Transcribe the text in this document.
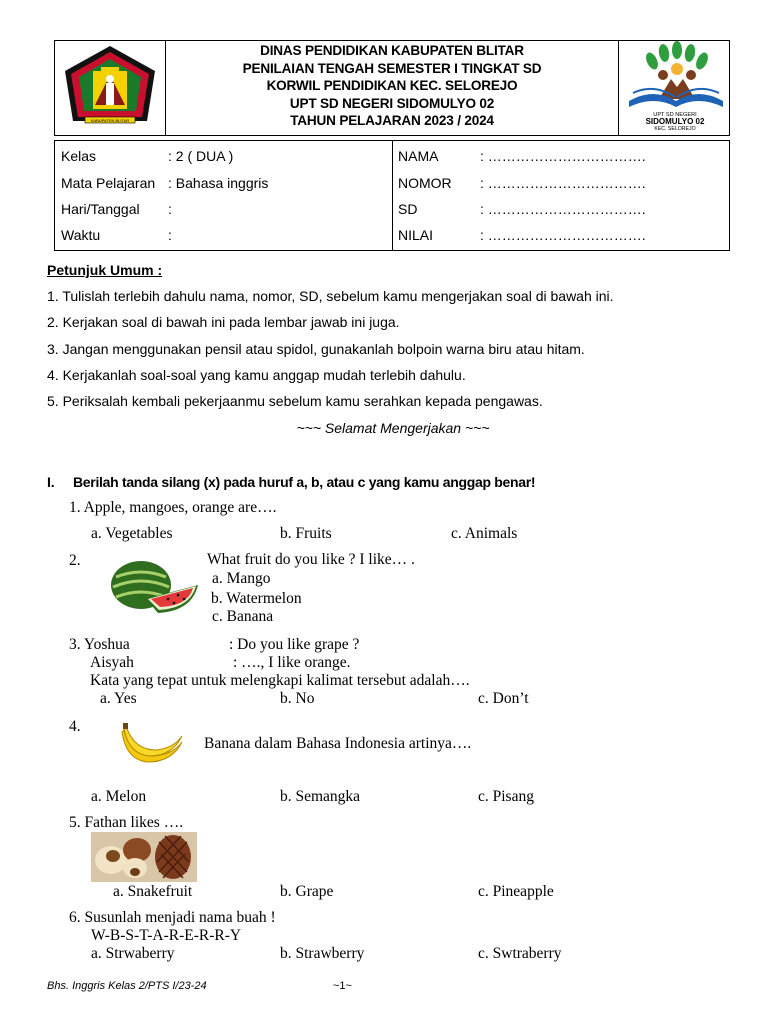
KABUPATEN BLITAR
DINAS PENDIDIKAN KABUPATEN BLITAR
PENILAIAN TENGAH SEMESTER I TINGKAT SD
KORWIL PENDIDIKAN KEC. SELOREJO
UPT SD NEGERI SIDOMULYO 02
TAHUN PELAJARAN 2023 / 2024	UPT SD NEGERI
SIDOMULYO 02
KEC. SELOREJO
Kelas	: 2 ( DUA )
Mata Pelajaran : Bahasa inggris
Hari/Tanggal :
Waktu	:
NAMA	: …………………………….
NOMOR : …………………………….
SD	: …………………………….
NILAI	: …………………………….
Petunjuk Umum :
1. Tulislah terlebih dahulu nama, nomor, SD, sebelum kamu mengerjakan soal di bawah ini.
2. Kerjakan soal di bawah ini pada lembar jawab ini juga.
3. Jangan menggunakan pensil atau spidol, gunakanlah bolpoin warna biru atau hitam.
4. Kerjakanlah soal-soal yang kamu anggap mudah terlebih dahulu.
5. Periksalah kembali pekerjaanmu sebelum kamu serahkan kepada pengawas.
~~~ Selamat Mengerjakan ~~~
I. Berilah tanda silang (x) pada huruf a, b, atau c yang kamu anggap benar!
1. Apple, mangoes, orange are….
a. Vegetables	b. Fruits	c. Animals
2.	What fruit do you like ? I like… .
a. Mango
b. Watermelon
c. Banana
3. Yoshua	: Do you like grape ?
Aisyah	: …., I like orange.
Kata yang tepat untuk melengkapi kalimat tersebut adalah….
a. Yes	b. No	c. Don’t
4.
Banana dalam Bahasa Indonesia artinya….
a. Melon	b. Semangka	c. Pisang
5. Fathan likes ….
a. Snakefruit	b. Grape	c. Pineapple
6. Susunlah menjadi nama buah !
W-B-S-T-A-R-E-R-R-Y
a. Strwaberry	b. Strawberry	c. Swtraberry
Bhs. Inggris Kelas 2/PTS I/23-24	~1~
